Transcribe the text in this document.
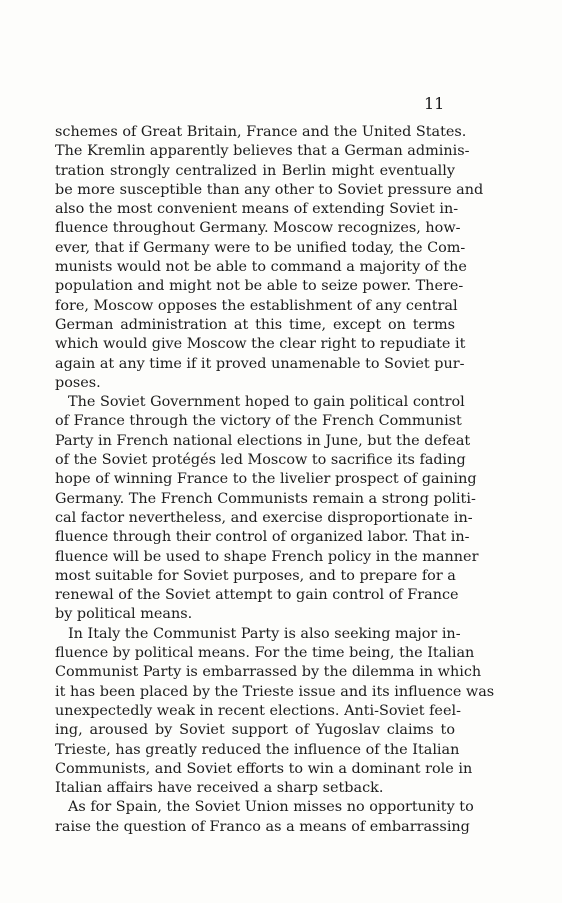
11
schemes of Great Britain, France and the United States.
The Kremlin apparently believes that a German adminis-
tration strongly centralized in Berlin might eventually
be more susceptible than any other to Soviet pressure and
also the most convenient means of extending Soviet in-
fluence throughout Germany. Moscow recognizes, how-
ever, that if Germany were to be unified today, the Com-
munists would not be able to command a majority of the
population and might not be able to seize power. There-
fore, Moscow opposes the establishment of any central
German administration at this time, except on terms
which would give Moscow the clear right to repudiate it
again at any time if it proved unamenable to Soviet pur-
poses.
The Soviet Government hoped to gain political control
of France through the victory of the French Communist
Party in French national elections in June, but the defeat
of the Soviet protégés led Moscow to sacrifice its fading
hope of winning France to the livelier prospect of gaining
Germany. The French Communists remain a strong politi-
cal factor nevertheless, and exercise disproportionate in-
fluence through their control of organized labor. That in-
fluence will be used to shape French policy in the manner
most suitable for Soviet purposes, and to prepare for a
renewal of the Soviet attempt to gain control of France
by political means.
In Italy the Communist Party is also seeking major in-
fluence by political means. For the time being, the Italian
Communist Party is embarrassed by the dilemma in which
it has been placed by the Trieste issue and its influence was
unexpectedly weak in recent elections. Anti-Soviet feel-
ing, aroused by Soviet support of Yugoslav claims to
Trieste, has greatly reduced the influence of the Italian
Communists, and Soviet efforts to win a dominant role in
Italian affairs have received a sharp setback.
As for Spain, the Soviet Union misses no opportunity to
raise the question of Franco as a means of embarrassing
